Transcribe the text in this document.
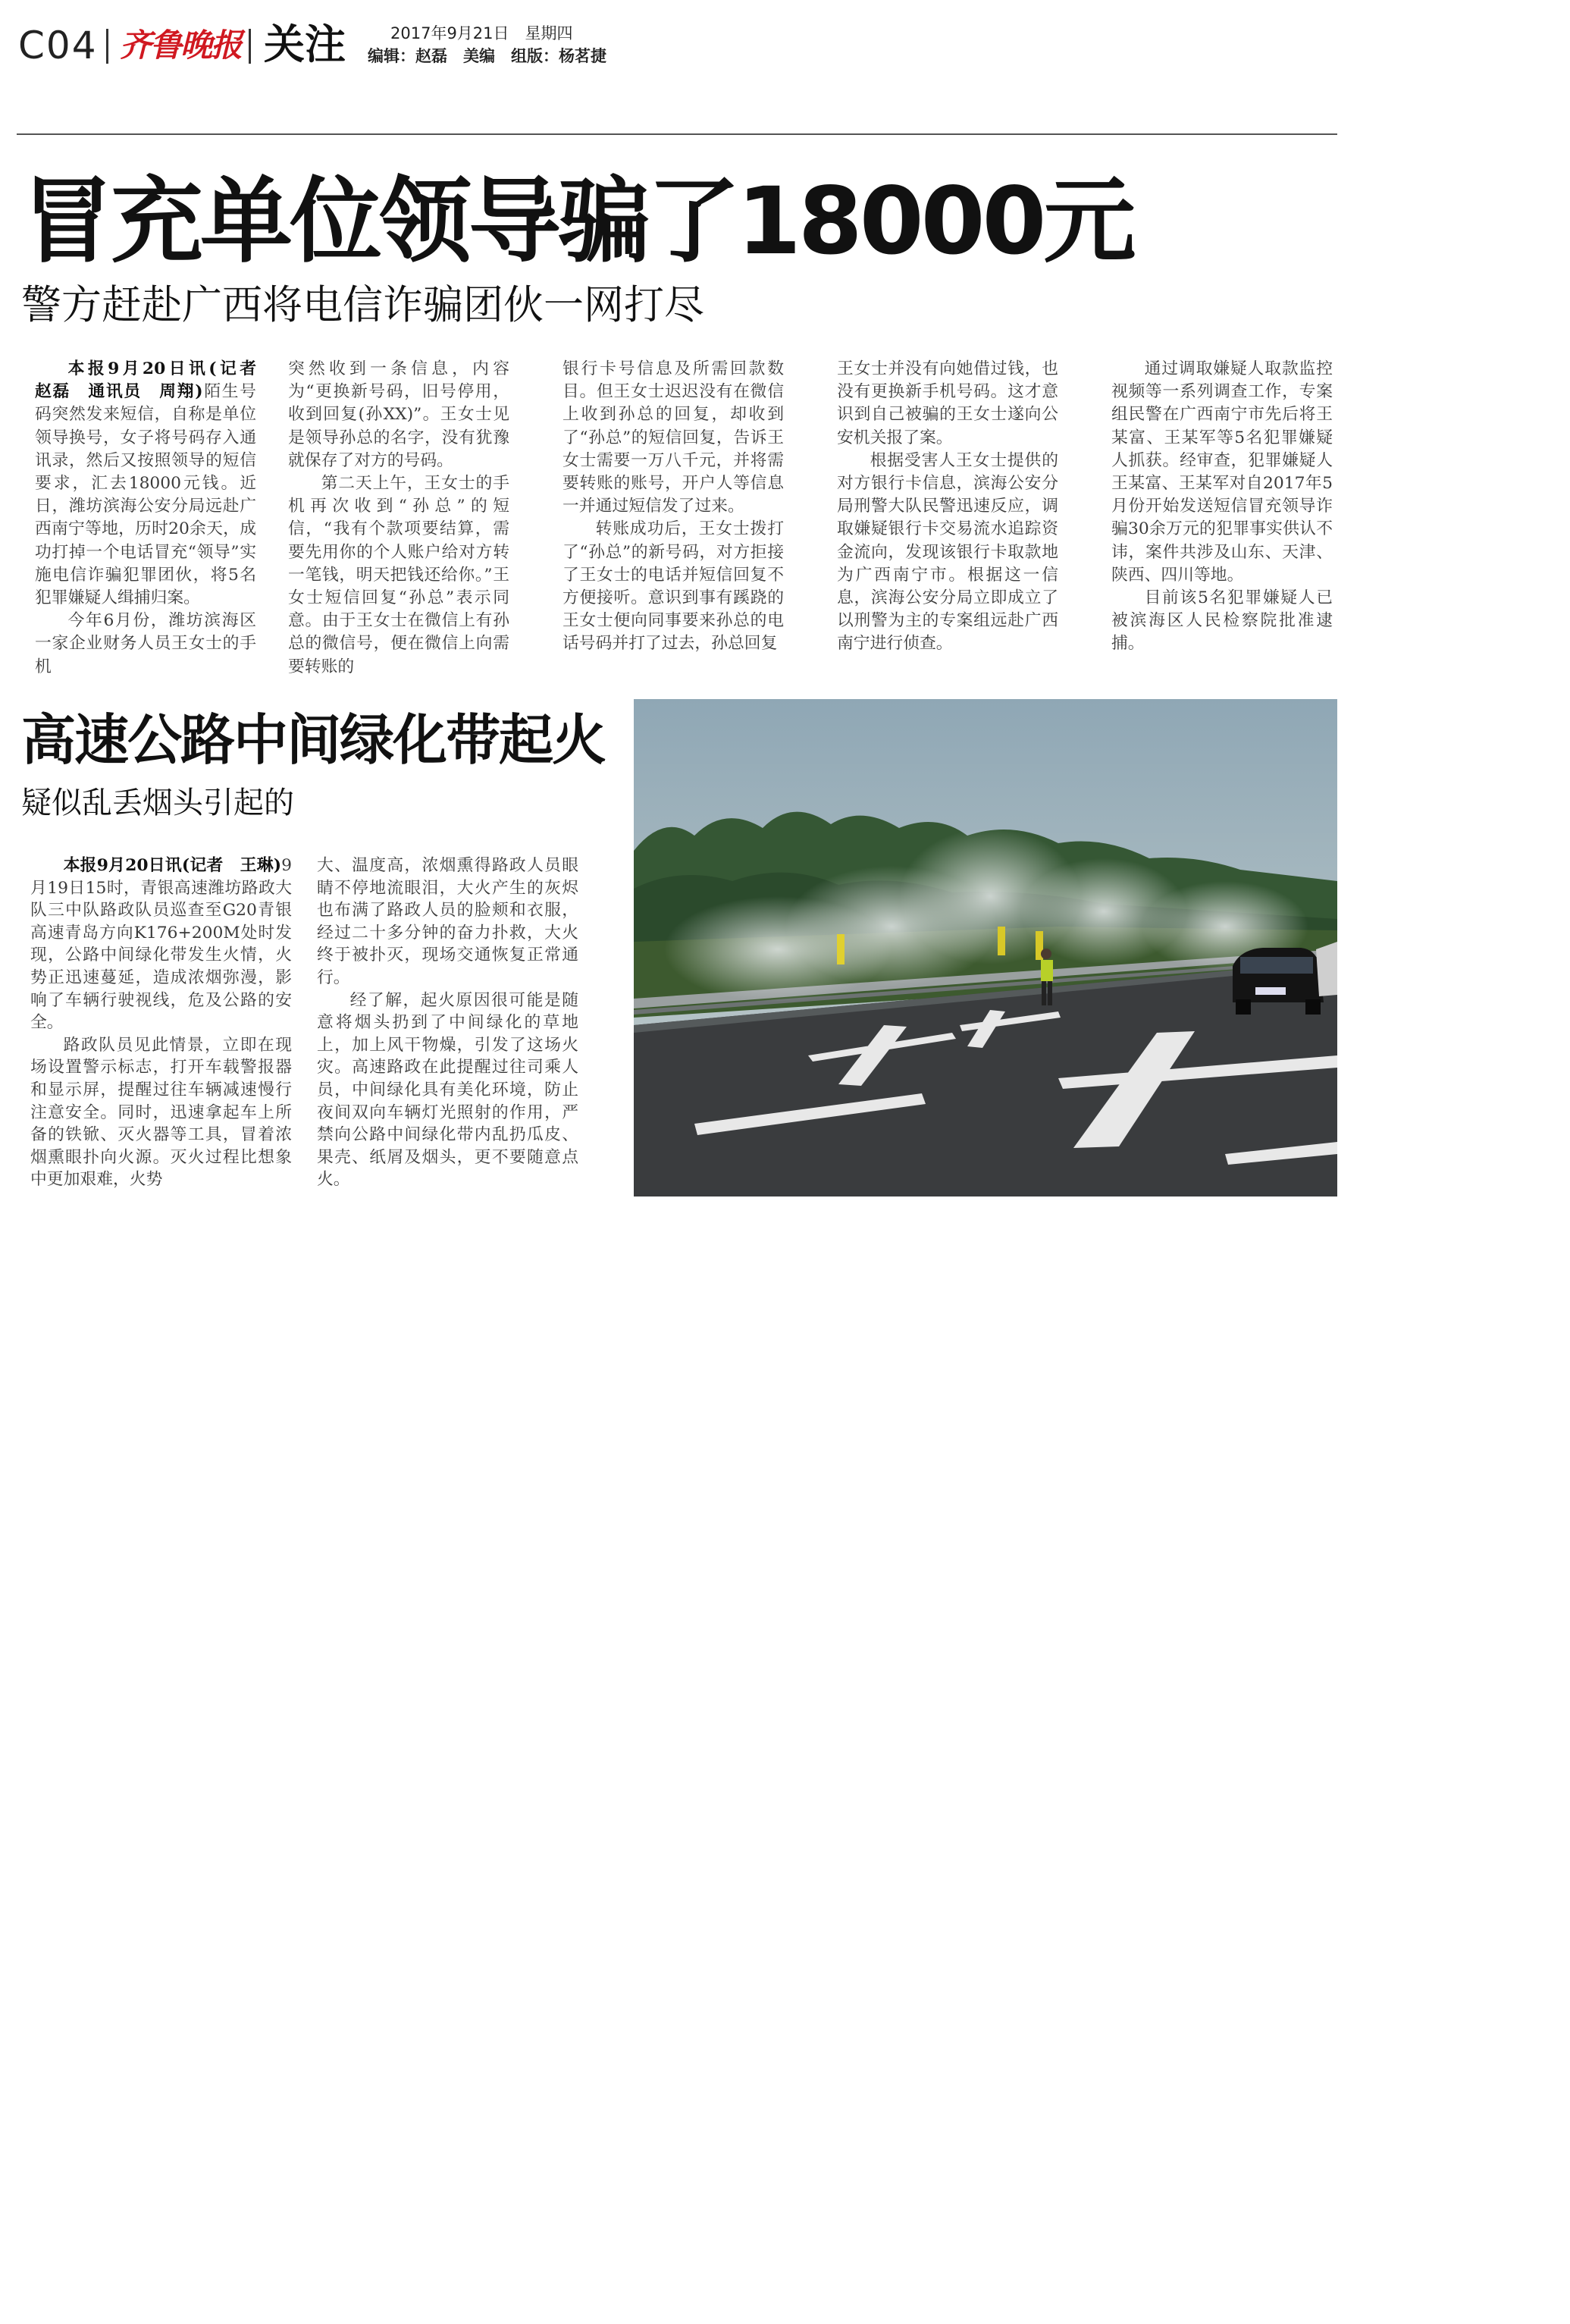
C04 齐鲁晚报 关注	2017年9月21日　星期四
编辑：赵磊　美编　组版：杨茗捷
冒充单位领导骗了18000元
警方赶赴广西将电信诈骗团伙一网打尽

本报9月20日讯(记者　赵磊　通讯员　周翔)陌生号码突然发来短信，自称是单位领导换号，女子将号码存入通讯录，然后又按照领导的短信要求，汇去18000元钱。近日，潍坊滨海公安分局远赴广西南宁等地，历时20余天，成功打掉一个电话冒充“领导”实施电信诈骗犯罪团伙，将5名犯罪嫌疑人缉捕归案。

今年6月份，潍坊滨海区一家企业财务人员王女士的手机

突然收到一条信息，内容为“更换新号码，旧号停用，收到回复(孙XX)”。王女士见是领导孙总的名字，没有犹豫就保存了对方的号码。

第二天上午，王女士的手机再次收到“孙总”的短信，“我有个款项要结算，需要先用你的个人账户给对方转一笔钱，明天把钱还给你。”王女士短信回复“孙总”表示同意。由于王女士在微信上有孙总的微信号，便在微信上向需要转账的

银行卡号信息及所需回款数目。但王女士迟迟没有在微信上收到孙总的回复，却收到了“孙总”的短信回复，告诉王女士需要一万八千元，并将需要转账的账号，开户人等信息一并通过短信发了过来。

转账成功后，王女士拨打了“孙总”的新号码，对方拒接了王女士的电话并短信回复不方便接听。意识到事有蹊跷的王女士便向同事要来孙总的电话号码并打了过去，孙总回复

王女士并没有向她借过钱，也没有更换新手机号码。这才意识到自己被骗的王女士遂向公安机关报了案。

根据受害人王女士提供的对方银行卡信息，滨海公安分局刑警大队民警迅速反应，调取嫌疑银行卡交易流水追踪资金流向，发现该银行卡取款地为广西南宁市。根据这一信息，滨海公安分局立即成立了以刑警为主的专案组远赴广西南宁进行侦查。

通过调取嫌疑人取款监控视频等一系列调查工作，专案组民警在广西南宁市先后将王某富、王某军等5名犯罪嫌疑人抓获。经审查，犯罪嫌疑人王某富、王某军对自2017年5月份开始发送短信冒充领导诈骗30余万元的犯罪事实供认不讳，案件共涉及山东、天津、陕西、四川等地。

目前该5名犯罪嫌疑人已被滨海区人民检察院批准逮捕。

高速公路中间绿化带起火
疑似乱丢烟头引起的

本报9月20日讯(记者　王琳)9月19日15时，青银高速潍坊路政大队三中队路政队员巡查至G20青银高速青岛方向K176+200M处时发现，公路中间绿化带发生火情，火势正迅速蔓延，造成浓烟弥漫，影响了车辆行驶视线，危及公路的安全。

路政队员见此情景，立即在现场设置警示标志，打开车载警报器和显示屏，提醒过往车辆减速慢行注意安全。同时，迅速拿起车上所备的铁锨、灭火器等工具，冒着浓烟熏眼扑向火源。灭火过程比想象中更加艰难，火势

大、温度高，浓烟熏得路政人员眼睛不停地流眼泪，大火产生的灰烬也布满了路政人员的脸颊和衣服，经过二十多分钟的奋力扑救，大火终于被扑灭，现场交通恢复正常通行。

经了解，起火原因很可能是随意将烟头扔到了中间绿化的草地上，加上风干物燥，引发了这场火灾。高速路政在此提醒过往司乘人员，中间绿化具有美化环境，防止夜间双向车辆灯光照射的作用，严禁向公路中间绿化带内乱扔瓜皮、果壳、纸屑及烟头，更不要随意点火。
